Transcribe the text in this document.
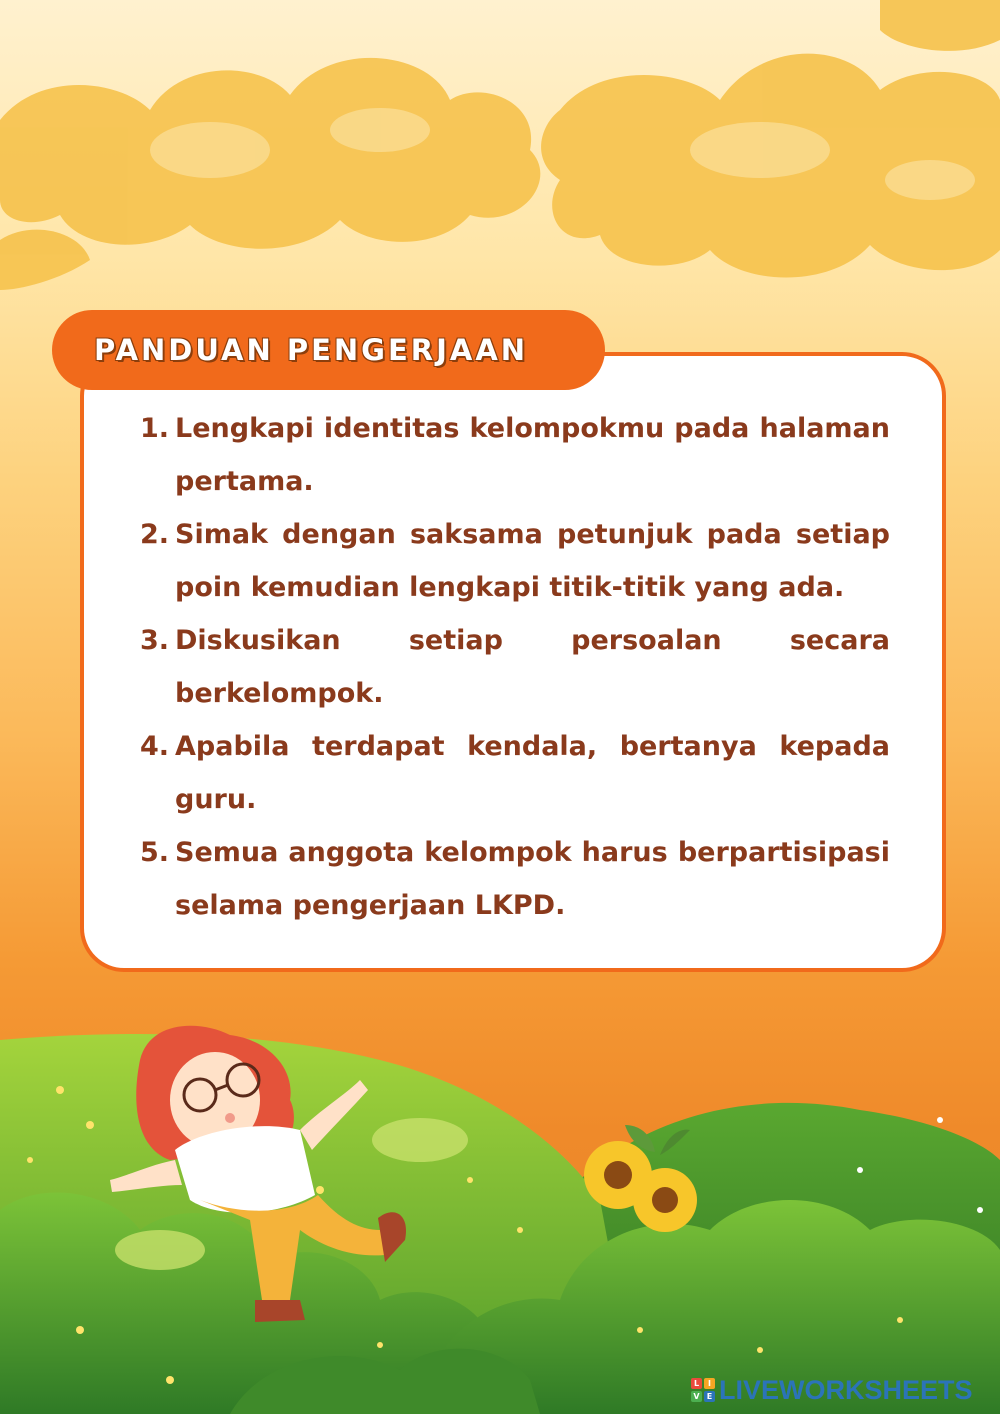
PANDUAN PENGERJAAN
1. Lengkapi identitas kelompokmu pada halaman pertama.
2. Simak dengan saksama petunjuk pada setiap poin kemudian lengkapi titik-titik yang ada.
3. Diskusikan setiap persoalan secara berkelompok.
4. Apabila terdapat kendala, bertanya kepada guru.
5. Semua anggota kelompok harus berpartisipasi selama pengerjaan LKPD.
L	I
V E LIVEWORKSHEETS
